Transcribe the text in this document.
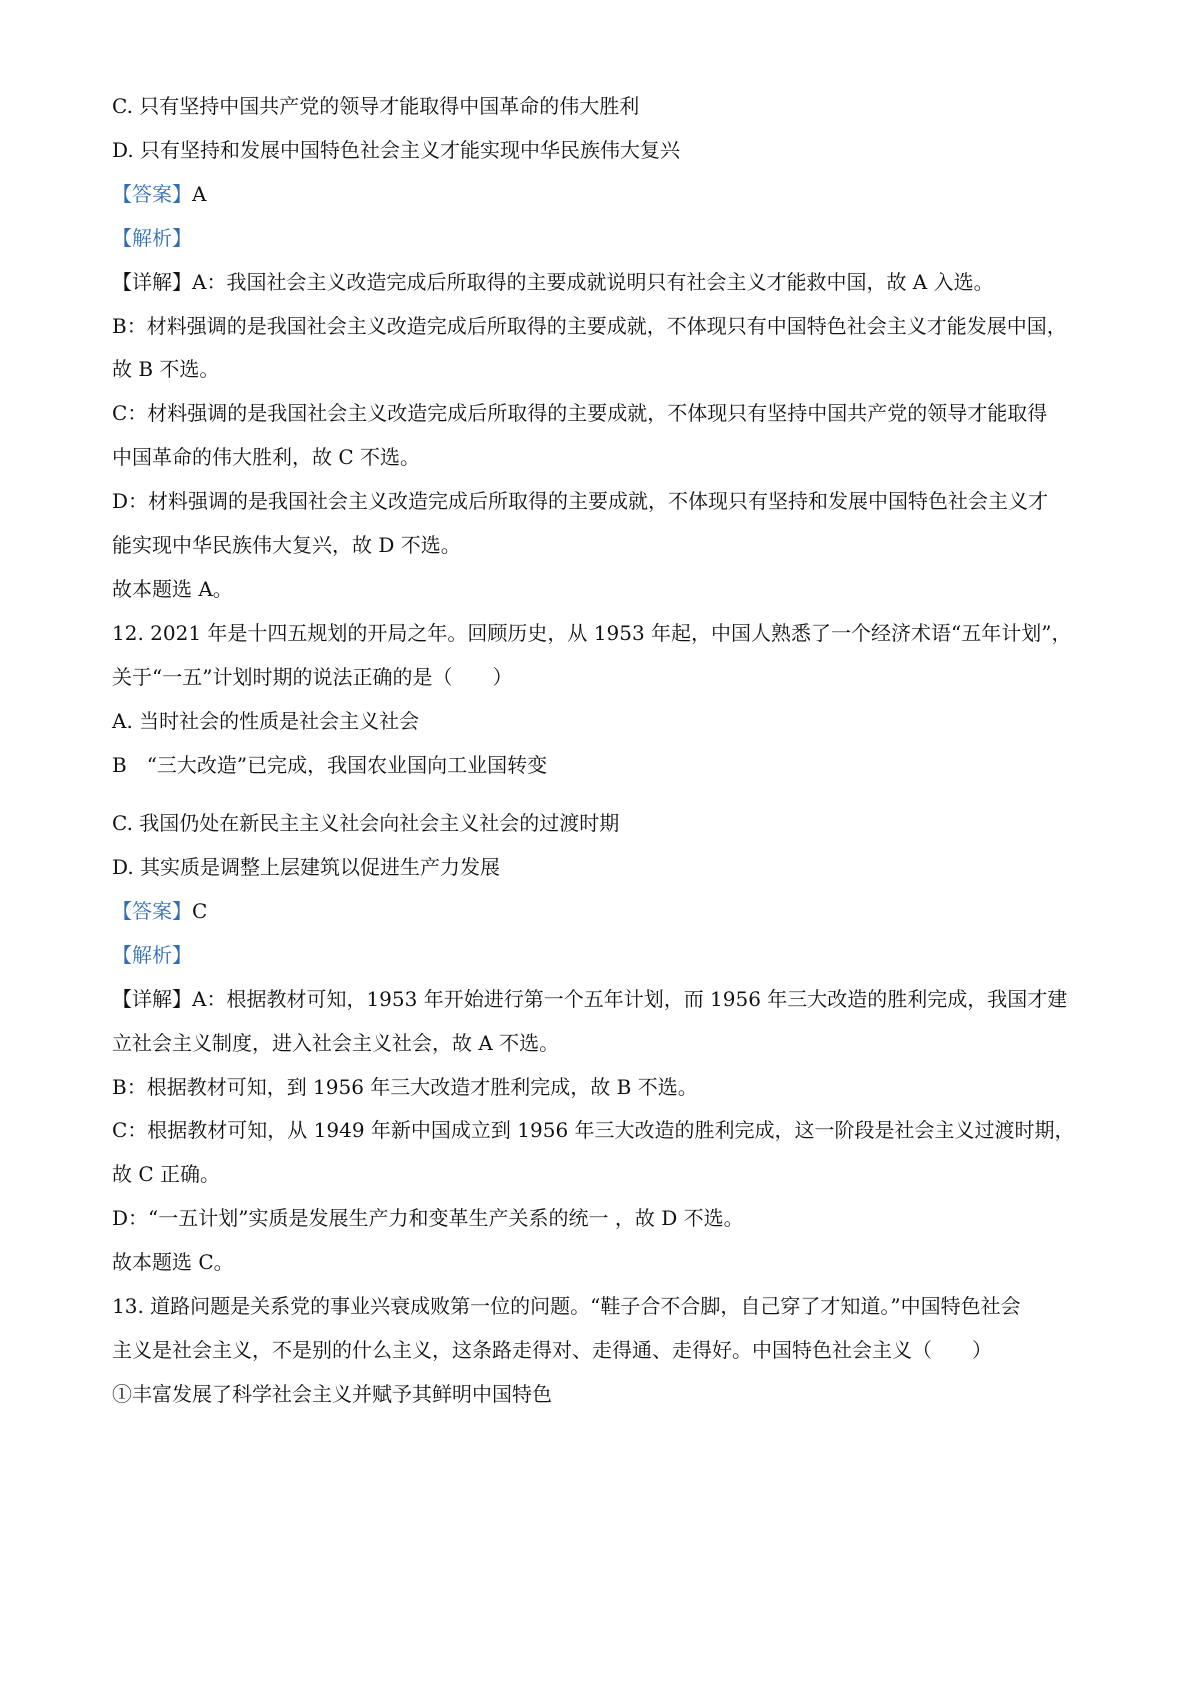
C. 只有坚持中国共产党的领导才能取得中国革命的伟大胜利
D. 只有坚持和发展中国特色社会主义才能实现中华民族伟大复兴
【答案】A
【解析】
【详解】A：我国社会主义改造完成后所取得的主要成就说明只有社会主义才能救中国，故 A 入选。
B：材料强调的是我国社会主义改造完成后所取得的主要成就，不体现只有中国特色社会主义才能发展中国，
故 B 不选。
C：材料强调的是我国社会主义改造完成后所取得的主要成就，不体现只有坚持中国共产党的领导才能取得
中国革命的伟大胜利，故 C 不选。
D：材料强调的是我国社会主义改造完成后所取得的主要成就，不体现只有坚持和发展中国特色社会主义才
能实现中华民族伟大复兴，故 D 不选。
故本题选 A。
12. 2021 年是十四五规划的开局之年。回顾历史，从 1953 年起，中国人熟悉了一个经济术语“五年计划”，
关于“一五”计划时期的说法正确的是（　　）
A. 当时社会的性质是社会主义社会
B　“三大改造”已完成，我国农业国向工业国转变
C. 我国仍处在新民主主义社会向社会主义社会的过渡时期
D. 其实质是调整上层建筑以促进生产力发展
【答案】C
【解析】
【详解】A：根据教材可知，1953 年开始进行第一个五年计划，而 1956 年三大改造的胜利完成，我国才建
立社会主义制度，进入社会主义社会，故 A 不选。
B：根据教材可知，到 1956 年三大改造才胜利完成，故 B 不选。
C：根据教材可知，从 1949 年新中国成立到 1956 年三大改造的胜利完成，这一阶段是社会主义过渡时期，
故 C 正确。
D：“一五计划”实质是发展生产力和变革生产关系的统一 ，故 D 不选。
故本题选 C。
13. 道路问题是关系党的事业兴衰成败第一位的问题。“鞋子合不合脚，自己穿了才知道。”中国特色社会
主义是社会主义，不是别的什么主义，这条路走得对、走得通、走得好。中国特色社会主义（　　）
①丰富发展了科学社会主义并赋予其鲜明中国特色
